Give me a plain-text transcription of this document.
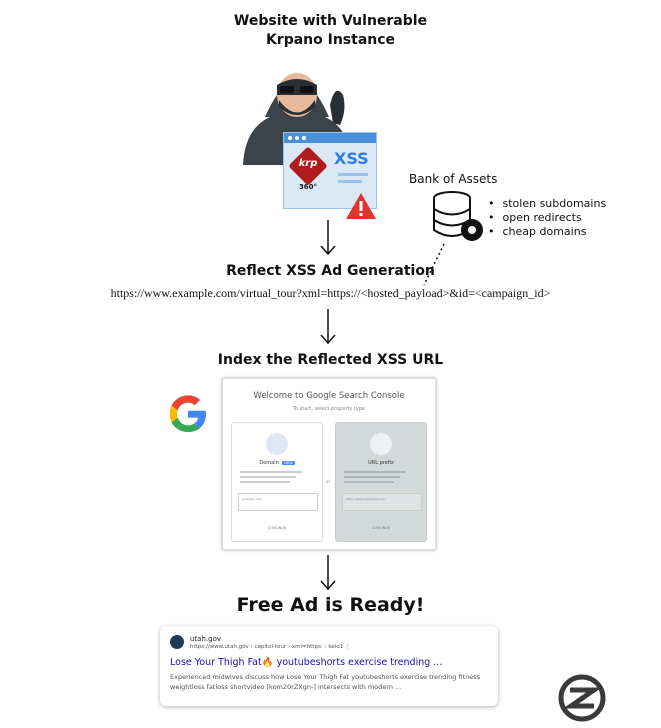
Website with Vulnerable
Krpano Instance
krp
360°
XSS
Bank of Assets
• stolen subdomains
• open redirects
• cheap domains
Reflect XSS Ad Generation
https://www.example.com/virtual_tour?xml=https://<hosted_payload>&id=<campaign_id>
Index the Reflected XSS URL
Welcome to Google Search Console
To start, select property type
Domain NEW
example.com
CONTINUE
or
URL prefix
https://www.example.com
CONTINUE
Free Ad is Ready!
utah.gov
https://www.utah.gov › capitol-tour › xml=https: › kelo1 ⋮
Lose Your Thigh Fat🔥 youtubeshorts exercise trending ...
Experienced midwives discuss how Lose Your Thigh Fat youtubeshorts exercise trending fitness
weightloss fatloss shortvideo [kom20rZXgn-] intersects with modern ...
